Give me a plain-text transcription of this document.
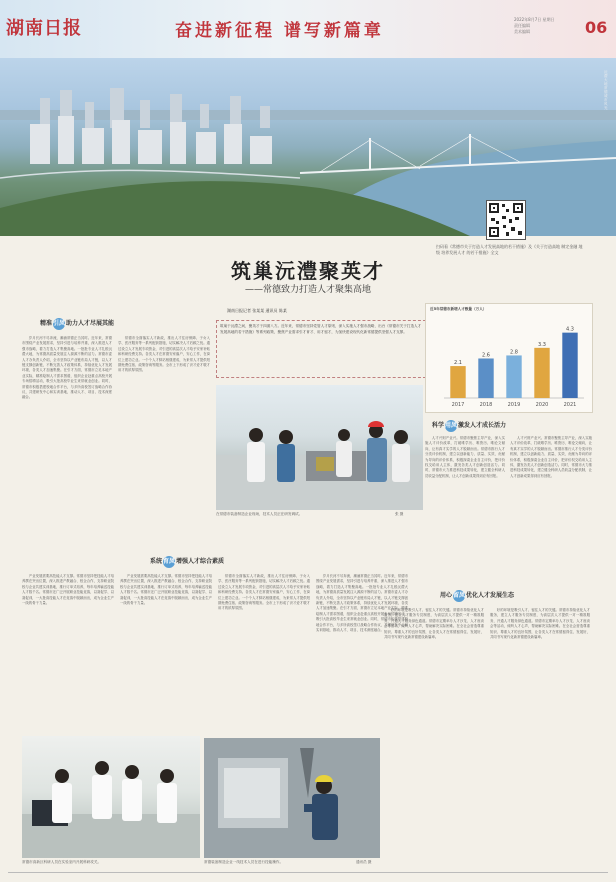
湖南日报	奋进新征程 谱写新篇章
2022年8月7日 星期日
责任编辑
美术编辑	06
沅澧大地 常德城市风光
扫码看《常德市关于打造人才发展高地的若干措施》及《关于打造高地 制定金融 地级 培养发展人才 的若干措施》全文
筑巢沅澧聚英才
——常德致力打造人才聚集高地
精准引凤助力人才尽展其能

岁月长河不尽奔流，潮涌常德正当其时。近年来，常德市围绕产业发展需求，坚持引进与培养并重，深入推进人才强市战略，着力打造人才集聚高地。一批批专业人才扎根沅澧大地，为常德高质量发展注入源源不断的活力。常德市委人才办负责人介绍，全市坚持以产业链布局人才链，以人才链支撑创新链，不断完善人才政策体系，持续优化人才发展环境，各类人才加速集聚。在引才方面，常德市立足本地产业实际，精准绘制人才需求图谱，组织企业赴重点高校开展专场招聘活动，吸引大批高校毕业生来常就业创业。同时，常德市积极搭建校地合作平台，与多所高校签订战略合作协议，共建研发中心和实训基地，推动人才、项目、技术深度融合。

常德市全面落实人才新政，推出人才住房保障、子女入学、医疗服务等一系列配套措施，切实解决人才后顾之忧。通过设立人才发展专项资金，对引进的高层次人才给予安家补贴和科研经费支持。各类人才在常德安家落户，安心工作，在岗位上建功立业。一个个人才驿站相继建成，为来常人才提供短期免费住宿、政策咨询等服务。全市上下形成了识才爱才敬才用才的浓厚氛围。

湖南日报记者 张某某 通讯员 陈某
筑巢于沅澧之间，聚英才于四面八方。近年来，常德市坚持党管人才原则，深入实施人才强市战略，出台《常德市关于打造人才发展高地的若干措施》等系列政策，聚焦产业需求引才育才、用才留才，为加快建设现代化新常德提供坚强人才支撑。
近5年常德市新增人才数量（万人）
2.1
2017
2.6
2018
2.8
2019
3.3
2020
4.3
2021
科学用凤激发人才成长活力

人才兴则产业兴。常德市聚焦主导产业，深入实施人才评价改革，打破唯学历、唯资历、唯论文倾向，让有真才实学的人才脱颖而出。常德市推行人才分类评价机制，建立以创新能力、质量、实效、贡献为导向的评价体系，积极探索企业自主评价，把评价权交给用人主体，激发各类人才创新创造活力。同时，常德市大力推进科技成果转化，建立健全科研人员收益分配机制，让人才创新成果得到应有回报。

人才兴则产业兴。常德市聚焦主导产业，深入实施人才评价改革，打破唯学历、唯资历、唯论文倾向，让有真才实学的人才脱颖而出。常德市推行人才分类评价机制，建立以创新能力、质量、实效、贡献为导向的评价体系，积极探索企业自主评价，把评价权交给用人主体，激发各类人才创新创造活力。同时，常德市大力推进科技成果转化，建立健全科研人员收益分配机制，让人才创新成果得到应有回报。

在常德市装备制造企业现场，技术人员正在研发调试。	张 摄
系统育凤增强人才综合素质

产业发展需要高技能人才支撑。常德市坚持把技能人才培养摆在突出位置，深入推进产教融合、校企合作，支持职业院校与企业共建实训基地，推行订单式培养，每年培养输送技能人才数千名。常德市还广泛开展职业技能竞赛，以赛促学、以赛促训，一大批高技能人才在竞赛中脱颖而出，成为企业生产一线的骨干力量。

产业发展需要高技能人才支撑。常德市坚持把技能人才培养摆在突出位置，深入推进产教融合、校企合作，支持职业院校与企业共建实训基地，推行订单式培养，每年培养输送技能人才数千名。常德市还广泛开展职业技能竞赛，以赛促学、以赛促训，一大批高技能人才在竞赛中脱颖而出，成为企业生产一线的骨干力量。

常德市全面落实人才新政，推出人才住房保障、子女入学、医疗服务等一系列配套措施，切实解决人才后顾之忧。通过设立人才发展专项资金，对引进的高层次人才给予安家补贴和科研经费支持。各类人才在常德安家落户，安心工作，在岗位上建功立业。一个个人才驿站相继建成，为来常人才提供短期免费住宿、政策咨询等服务。全市上下形成了识才爱才敬才用才的浓厚氛围。

岁月长河不尽奔流，潮涌常德正当其时。近年来，常德市围绕产业发展需求，坚持引进与培养并重，深入推进人才强市战略，着力打造人才集聚高地。一批批专业人才扎根沅澧大地，为常德高质量发展注入源源不断的活力。常德市委人才办负责人介绍，全市坚持以产业链布局人才链，以人才链支撑创新链，不断完善人才政策体系，持续优化人才发展环境，各类人才加速集聚。在引才方面，常德市立足本地产业实际，精准绘制人才需求图谱，组织企业赴重点高校开展专场招聘活动，吸引大批高校毕业生来常就业创业。同时，常德市积极搭建校地合作平台，与多所高校签订战略合作协议，共建研发中心和实训基地，推动人才、项目、技术深度融合。

用心留凤优化人才发展生态

好的环境是吸引人才、留住人才的关键。常德市持续优化人才服务，建立人才服务专员制度，为高层次人才提供一对一精准服务，开通人才服务绿色通道。常德市定期举办人才沙龙、人才座谈会等活动，倾听人才心声，帮助解决实际困难。在全社会营造尊重知识、尊重人才的良好氛围，让各类人才在常德留得住、发展好，共同书写现代化新常德建设新篇章。

好的环境是吸引人才、留住人才的关键。常德市持续优化人才服务，建立人才服务专员制度，为高层次人才提供一对一精准服务，开通人才服务绿色通道。常德市定期举办人才沙龙、人才座谈会等活动，倾听人才心声，帮助解决实际困难。在全社会营造尊重知识、尊重人才的良好氛围，让各类人才在常德留得住、发展好，共同书写现代化新常德建设新篇章。

常德市高新区科研人员在实验室内开展科研攻关。	常德装备制造企业一线技术人员在进行技能操作。	通讯员 摄
